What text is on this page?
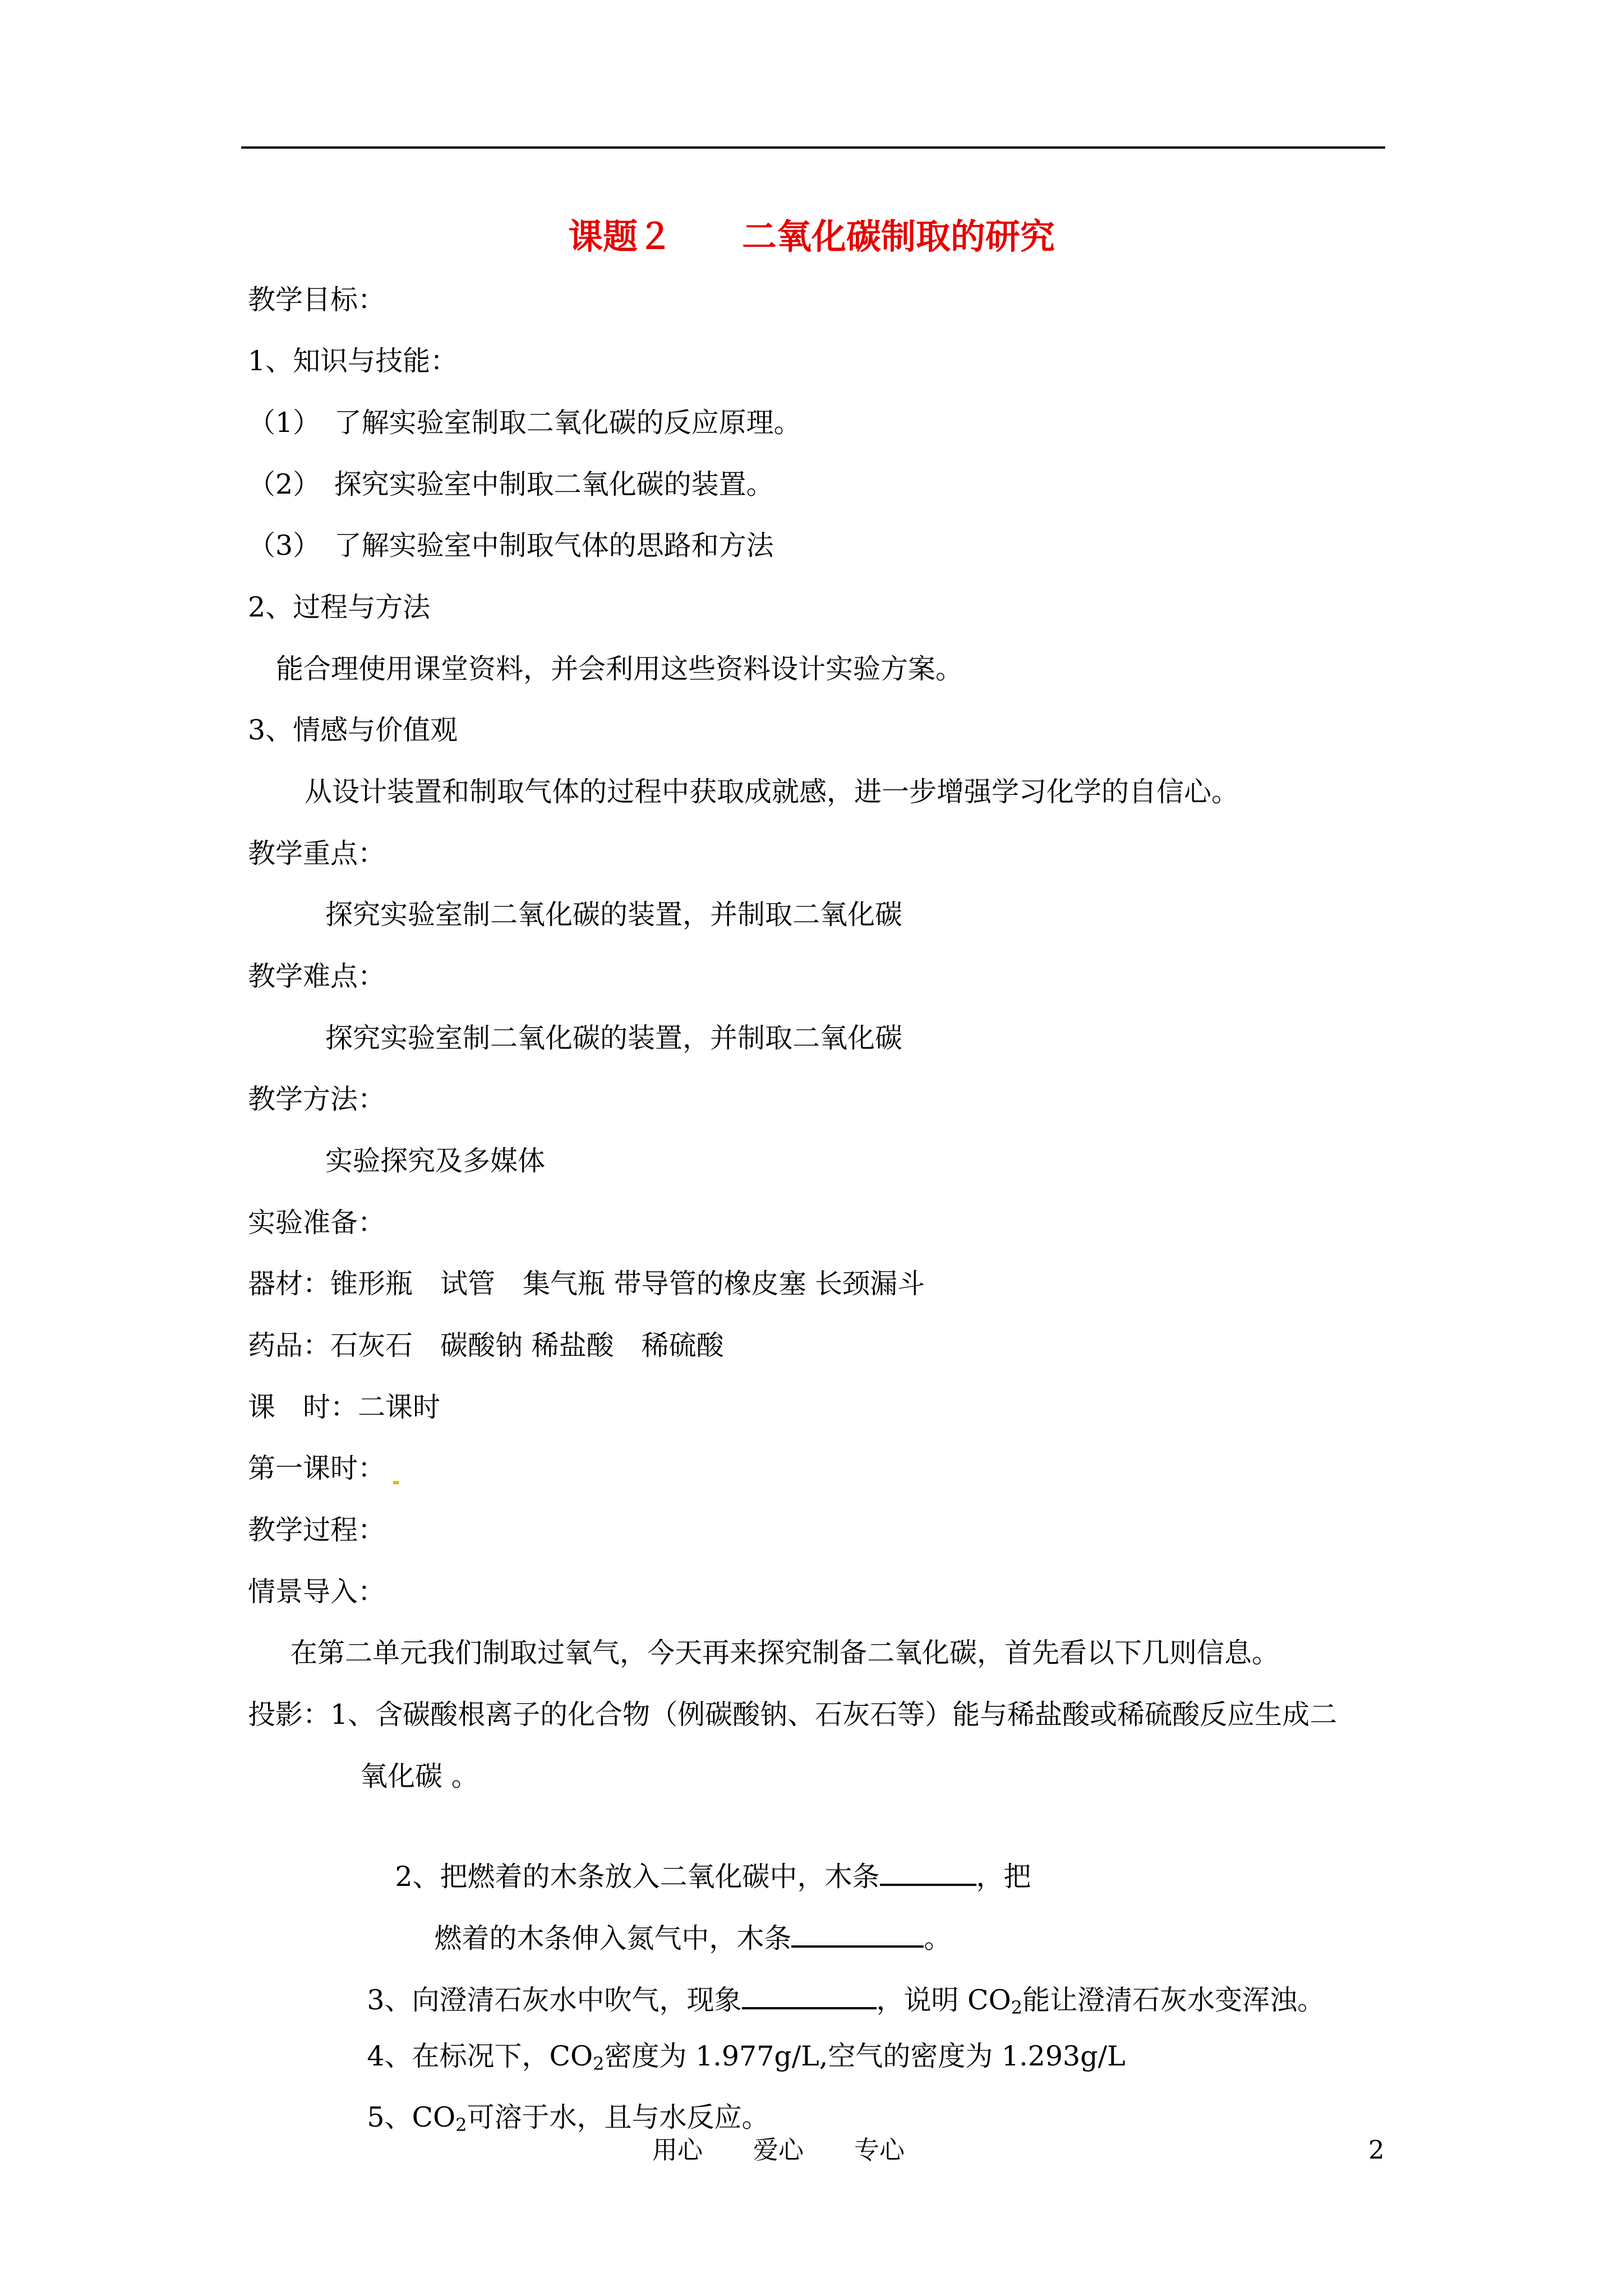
课题２　　二氧化碳制取的研究
教学目标：
1、知识与技能：
（1）　了解实验室制取二氧化碳的反应原理。
（2）　探究实验室中制取二氧化碳的装置。
（3）　了解实验室中制取气体的思路和方法
2、过程与方法
能合理使用课堂资料，并会利用这些资料设计实验方案。
3、情感与价值观
从设计装置和制取气体的过程中获取成就感，进一步增强学习化学的自信心。
教学重点：
探究实验室制二氧化碳的装置，并制取二氧化碳
教学难点：
探究实验室制二氧化碳的装置，并制取二氧化碳
教学方法：
实验探究及多媒体
实验准备：
器材：锥形瓶　试管　集气瓶 带导管的橡皮塞 长颈漏斗
药品：石灰石　碳酸钠 稀盐酸　稀硫酸
课　时：二课时
第一课时：
教学过程：
情景导入：
在第二单元我们制取过氧气，今天再来探究制备二氧化碳，首先看以下几则信息。
投影：1、含碳酸根离子的化合物（例碳酸钠、石灰石等）能与稀盐酸或稀硫酸反应生成二
氧化碳 。

2、把燃着的木条放入二氧化碳中，木条	，把

燃着的木条伸入氮气中，木条	。

3、向澄清石灰水中吹气，现象	，说明 $CO_2$能让澄清石灰水变浑浊。

4、在标况下，$CO_2$密度为 1.977g/L,空气的密度为 1.293g/L

5、$CO_2$可溶于水，且与水反应。

用心　　爱心　　专心	2
